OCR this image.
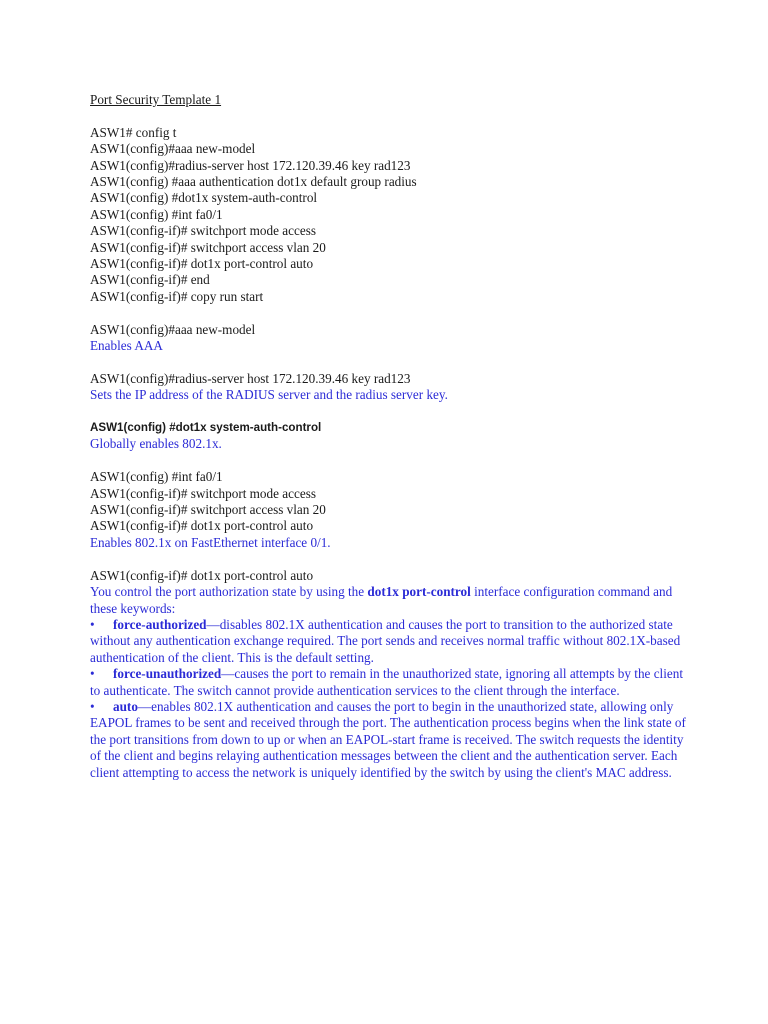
Port Security Template 1
ASW1# config t
ASW1(config)#aaa new-model
ASW1(config)#radius-server host 172.120.39.46 key rad123
ASW1(config) #aaa authentication dot1x default group radius
ASW1(config) #dot1x system-auth-control
ASW1(config) #int fa0/1
ASW1(config-if)# switchport mode access
ASW1(config-if)# switchport access vlan 20
ASW1(config-if)# dot1x port-control auto
ASW1(config-if)# end
ASW1(config-if)# copy run start
ASW1(config)#aaa new-model
Enables AAA
ASW1(config)#radius-server host 172.120.39.46 key rad123
Sets the IP address of the RADIUS server and the radius server key.
ASW1(config) #dot1x system-auth-control
Globally enables 802.1x.
ASW1(config) #int fa0/1
ASW1(config-if)# switchport mode access
ASW1(config-if)# switchport access vlan 20
ASW1(config-if)# dot1x port-control auto
Enables 802.1x on FastEthernet interface 0/1.
ASW1(config-if)# dot1x port-control auto
You control the port authorization state by using the dot1x port-control interface configuration command and these keywords:
• force-authorized—disables 802.1X authentication and causes the port to transition to the authorized state without any authentication exchange required. The port sends and receives normal traffic without 802.1X-based authentication of the client. This is the default setting.
• force-unauthorized—causes the port to remain in the unauthorized state, ignoring all attempts by the client to authenticate. The switch cannot provide authentication services to the client through the interface.
• auto—enables 802.1X authentication and causes the port to begin in the unauthorized state, allowing only EAPOL frames to be sent and received through the port. The authentication process begins when the link state of the port transitions from down to up or when an EAPOL-start frame is received. The switch requests the identity of the client and begins relaying authentication messages between the client and the authentication server. Each client attempting to access the network is uniquely identified by the switch by using the client's MAC address.
